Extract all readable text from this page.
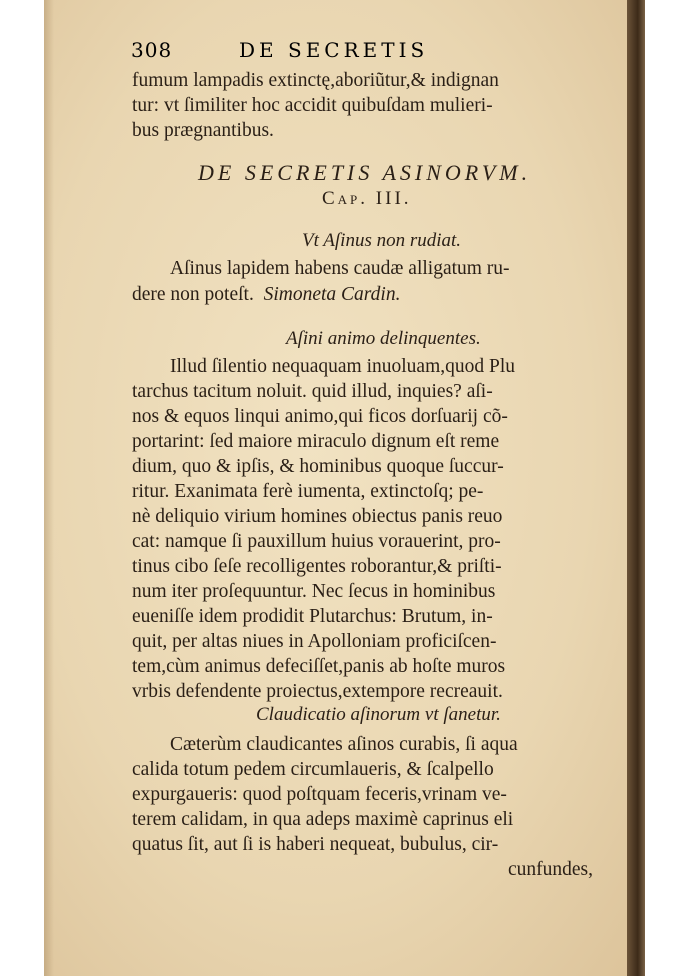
308	DE SECRETIS
fumum lampadis extinctę,aboriũtur,& indignan
tur: vt ſimiliter hoc accidit quibuſdam mulieri-
bus prægnantibus.
DE SECRETIS ASINORVM.
Cap. III.
Vt Aſinus non rudiat.
Aſinus lapidem habens caudæ alligatum ru-
dere non poteſt. Simoneta Cardin.
Aſini animo delinquentes.
Illud ſilentio nequaquam inuoluam,quod Plu
tarchus tacitum noluit. quid illud, inquies? aſi-
nos & equos linqui animo,qui ficos dorſuarij cõ-
portarint: ſed maiore miraculo dignum eſt reme
dium, quo & ipſis, & hominibus quoque ſuccur-
ritur. Exanimata ferè iumenta, extinctoſq; pe-
nè deliquio virium homines obiectus panis reuo
cat: namque ſi pauxillum huius vorauerint, pro-
tinus cibo ſeſe recolligentes roborantur,& priſti-
num iter proſequuntur. Nec ſecus in hominibus
eueniſſe idem prodidit Plutarchus: Brutum, in-
quit, per altas niues in Apolloniam proficiſcen-
tem,cùm animus defeciſſet,panis ab hoſte muros
vrbis defendente proiectus,extempore recreauit.
Claudicatio aſinorum vt ſanetur.
Cæterùm claudicantes aſinos curabis, ſi aqua
calida totum pedem circumlaueris, & ſcalpello
expurgaueris: quod poſtquam feceris,vrinam ve-
terem calidam, in qua adeps maximè caprinus eli
quatus ſit, aut ſi is haberi nequeat, bubulus, cir-
cunfundes,
